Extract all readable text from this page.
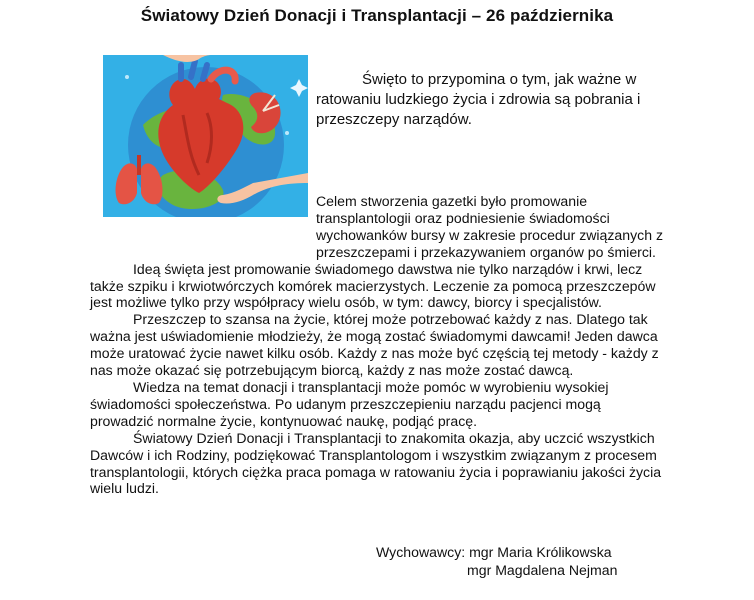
Światowy Dzień Donacji i Transplantacji – 26 października

Święto to przypomina o tym, jak ważne w ratowaniu ludzkiego życia i zdrowia są pobrania i przeszczepy narządów.

Celem stworzenia gazetki było promowanie transplantologii oraz podniesienie świadomości wychowanków bursy w zakresie procedur związanych z przeszczepami i przekazywaniem organów po śmierci.

Ideą święta jest promowanie świadomego dawstwa nie tylko narządów i krwi, lecz także szpiku i krwiotwórczych komórek macierzystych. Leczenie za pomocą przeszczepów jest możliwe tylko przy współpracy wielu osób, w tym: dawcy, biorcy i specjalistów.

Przeszczep to szansa na życie, której może potrzebować każdy z nas. Dlatego tak ważna jest uświadomienie młodzieży, że mogą zostać świadomymi dawcami! Jeden dawca może uratować życie nawet kilku osób. Każdy z nas może być częścią tej metody - każdy z nas może okazać się potrzebującym biorcą, każdy z nas może zostać dawcą.

Wiedza na temat donacji i transplantacji może pomóc w wyrobieniu wysokiej świadomości społeczeństwa. Po udanym przeszczepieniu narządu pacjenci mogą prowadzić normalne życie, kontynuować naukę, podjąć pracę.

Światowy Dzień Donacji i Transplantacji to znakomita okazja, aby uczcić wszystkich Dawców i ich Rodziny, podziękować Transplantologom i wszystkim związanym z procesem transplantologii, których ciężka praca pomaga w ratowaniu życia i poprawianiu jakości życia wielu ludzi.

Wychowawcy: mgr Maria Królikowska
mgr Magdalena Nejman
